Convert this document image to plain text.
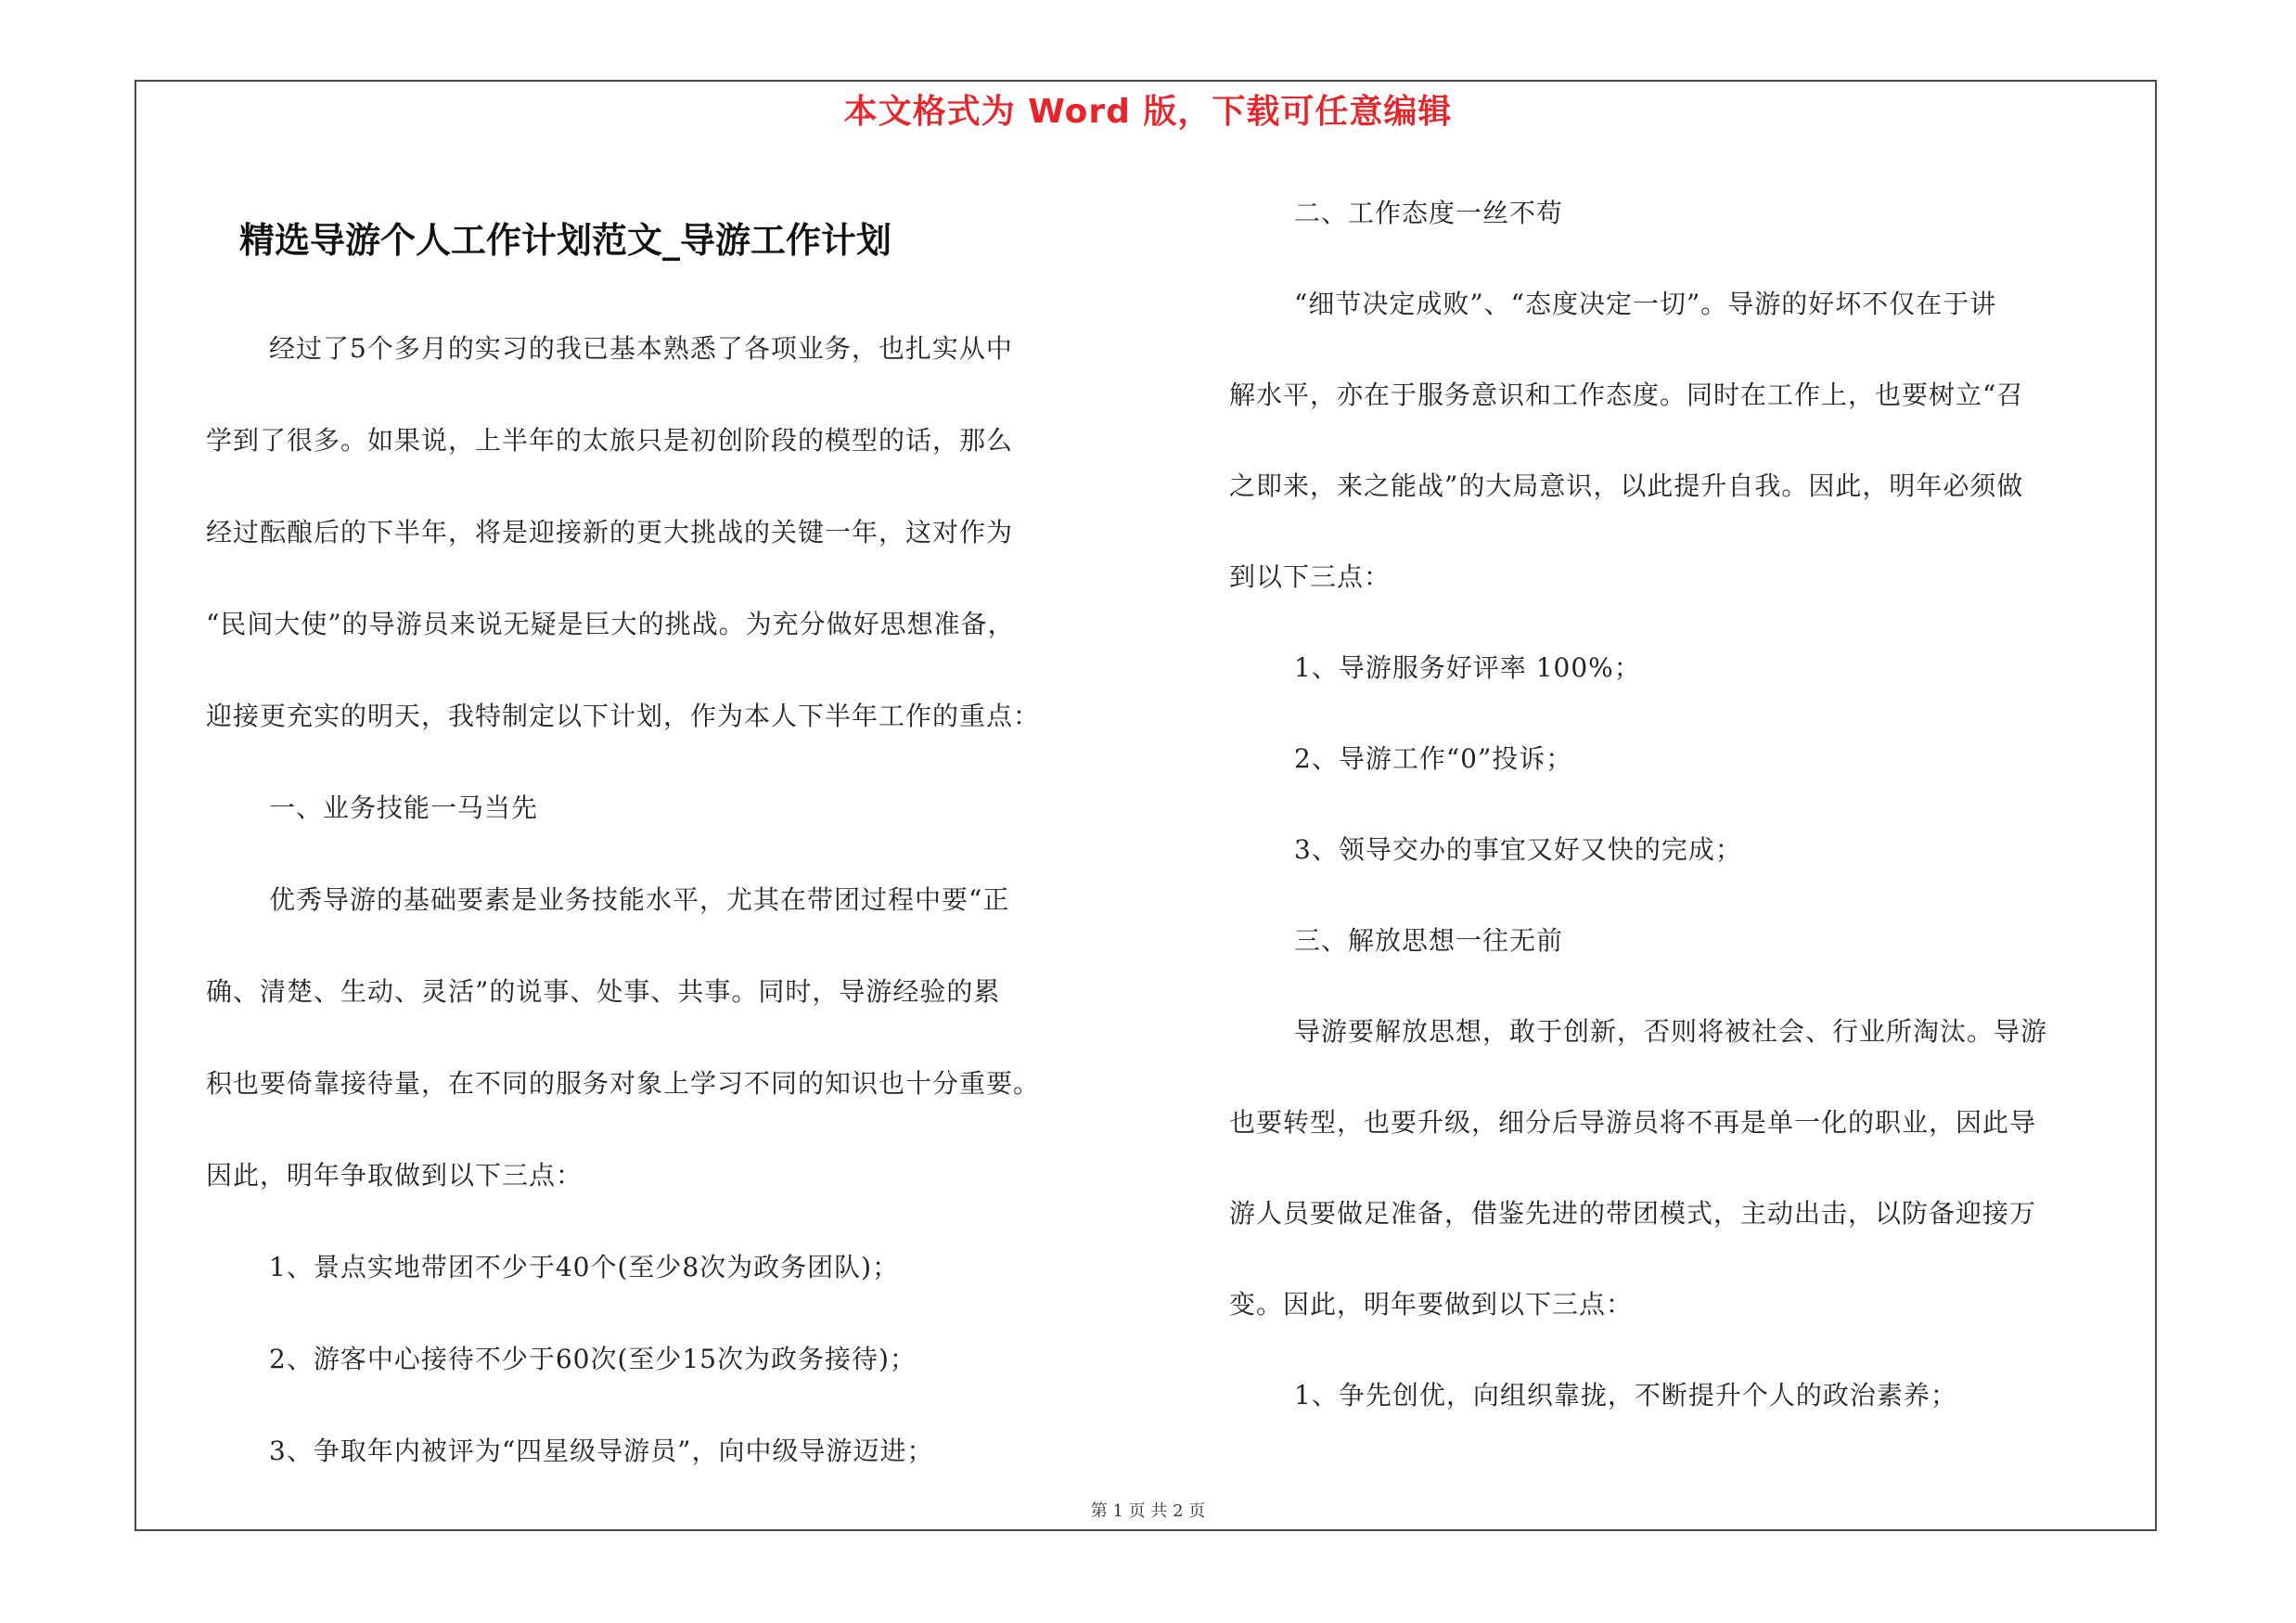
本文格式为 Word 版，下载可任意编辑
精选导游个人工作计划范文_导游工作计划
经过了5个多月的实习的我已基本熟悉了各项业务，也扎实从中
学到了很多。如果说，上半年的太旅只是初创阶段的模型的话，那么
经过酝酿后的下半年，将是迎接新的更大挑战的关键一年，这对作为
“民间大使”的导游员来说无疑是巨大的挑战。为充分做好思想准备，
迎接更充实的明天，我特制定以下计划，作为本人下半年工作的重点：
一、业务技能一马当先
优秀导游的基础要素是业务技能水平，尤其在带团过程中要“正
确、清楚、生动、灵活”的说事、处事、共事。同时，导游经验的累
积也要倚靠接待量，在不同的服务对象上学习不同的知识也十分重要。
因此，明年争取做到以下三点：
1、景点实地带团不少于40个(至少8次为政务团队)；
2、游客中心接待不少于60次(至少15次为政务接待)；
3、争取年内被评为“四星级导游员”，向中级导游迈进；
二、工作态度一丝不苟
“细节决定成败”、“态度决定一切”。导游的好坏不仅在于讲
解水平，亦在于服务意识和工作态度。同时在工作上，也要树立“召
之即来，来之能战”的大局意识，以此提升自我。因此，明年必须做
到以下三点：
1、导游服务好评率 100%；
2、导游工作“0”投诉；
3、领导交办的事宜又好又快的完成；
三、解放思想一往无前
导游要解放思想，敢于创新，否则将被社会、行业所淘汰。导游
也要转型，也要升级，细分后导游员将不再是单一化的职业，因此导
游人员要做足准备，借鉴先进的带团模式，主动出击，以防备迎接万
变。因此，明年要做到以下三点：
1、争先创优，向组织靠拢，不断提升个人的政治素养；
第 1 页 共 2 页
